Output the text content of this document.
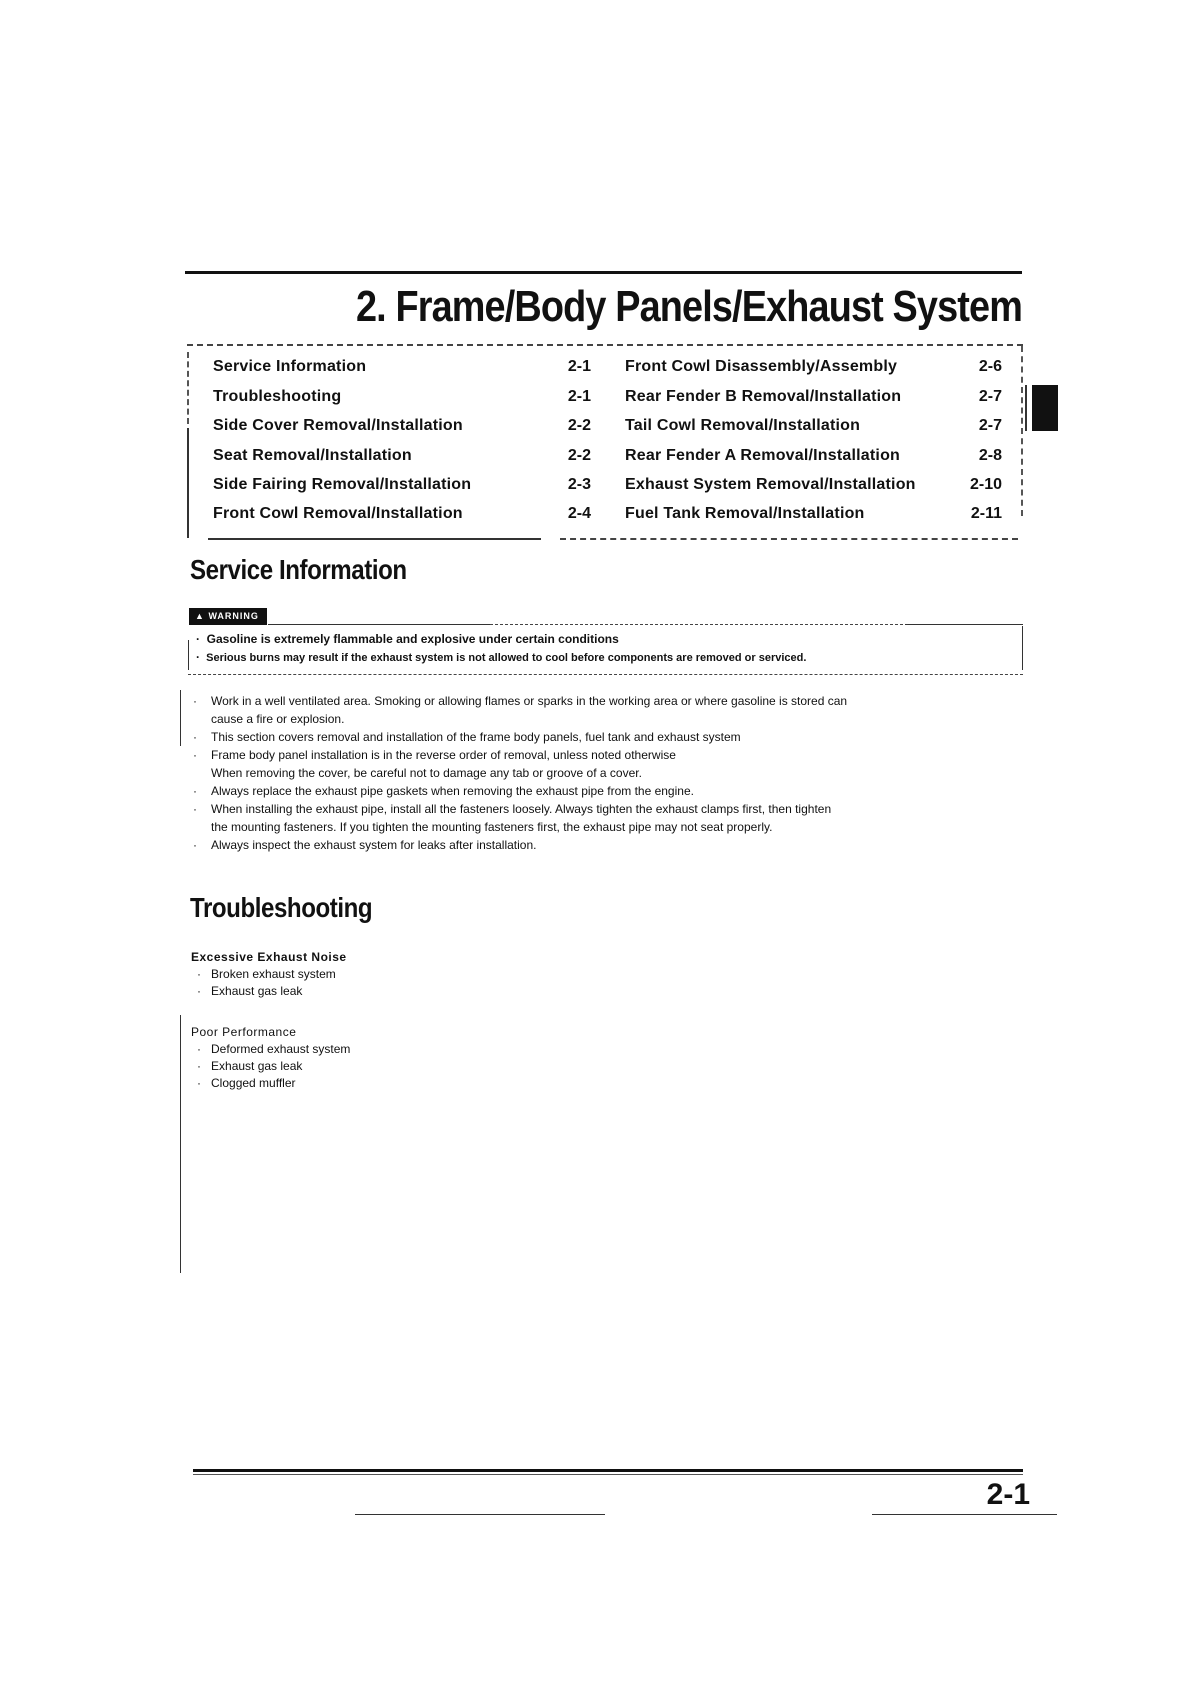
2. Frame/Body Panels/Exhaust System
Service Information
Troubleshooting
Side Cover Removal/Installation
Seat Removal/Installation
Side Fairing Removal/Installation
Front Cowl Removal/Installation
2-1
2-1
2-2
2-2
2-3
2-4
Front Cowl Disassembly/Assembly
Rear Fender B Removal/Installation
Tail Cowl Removal/Installation
Rear Fender A Removal/Installation
Exhaust System Removal/Installation
Fuel Tank Removal/Installation
2-6
2-7
2-7
2-8
2-10
2-11
Service Information
▲ WARNING
· Gasoline is extremely flammable and explosive under certain conditions
· Serious burns may result if the exhaust system is not allowed to cool before components are removed or serviced.
· Work in a well ventilated area. Smoking or allowing flames or sparks in the working area or where gasoline is stored can
cause a fire or explosion.
· This section covers removal and installation of the frame body panels, fuel tank and exhaust system
· Frame body panel installation is in the reverse order of removal, unless noted otherwise
When removing the cover, be careful not to damage any tab or groove of a cover.
· Always replace the exhaust pipe gaskets when removing the exhaust pipe from the engine.
· When installing the exhaust pipe, install all the fasteners loosely. Always tighten the exhaust clamps first, then tighten
the mounting fasteners. If you tighten the mounting fasteners first, the exhaust pipe may not seat properly.
· Always inspect the exhaust system for leaks after installation.
Troubleshooting
Excessive Exhaust Noise
· Broken exhaust system
· Exhaust gas leak
Poor Performance
· Deformed exhaust system
· Exhaust gas leak
· Clogged muffler
2-1
